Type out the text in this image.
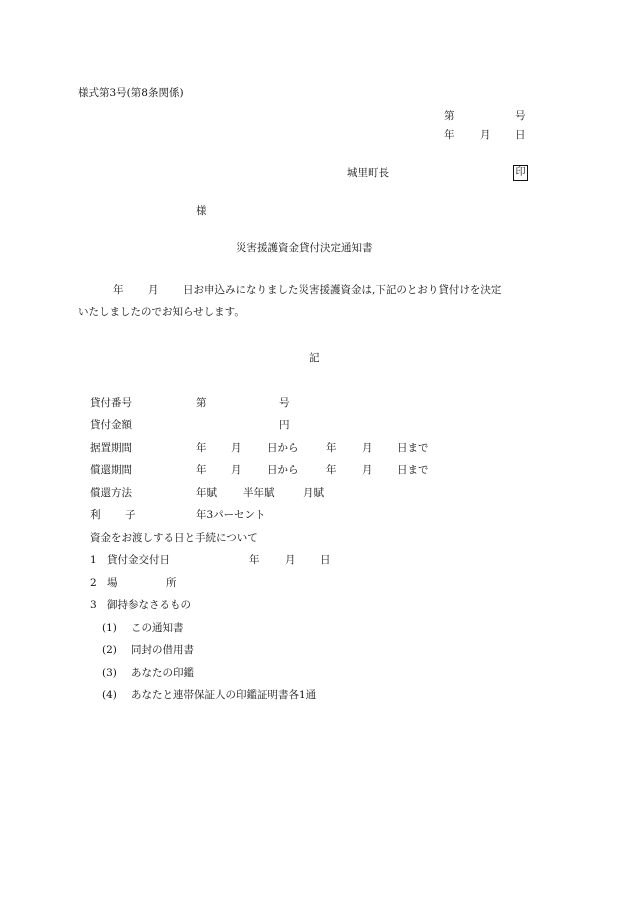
様式第3号(第8条関係)
第	号
年 月 日
城里町長	印
様
災害援護資金貸付決定通知書
年 月 日お申込みになりました災害援護資金は,下記のとおり貸付けを決定
いたしましたのでお知らせします。
記
貸付番号	第	号
貸付金額	円
据置期間	年 月 日から	年 月 日まで
償還期間	年 月 日から	年 月 日まで
償還方法	年賦 半年賦	月賦
利 子	年3パーセント
資金をお渡しする日と手続について
1 貸付金交付日	年 月 日
2 場	所
3 御持参なさるもの
(1) この通知書
(2) 同封の借用書
(3) あなたの印鑑
(4) あなたと連帯保証人の印鑑証明書各1通
